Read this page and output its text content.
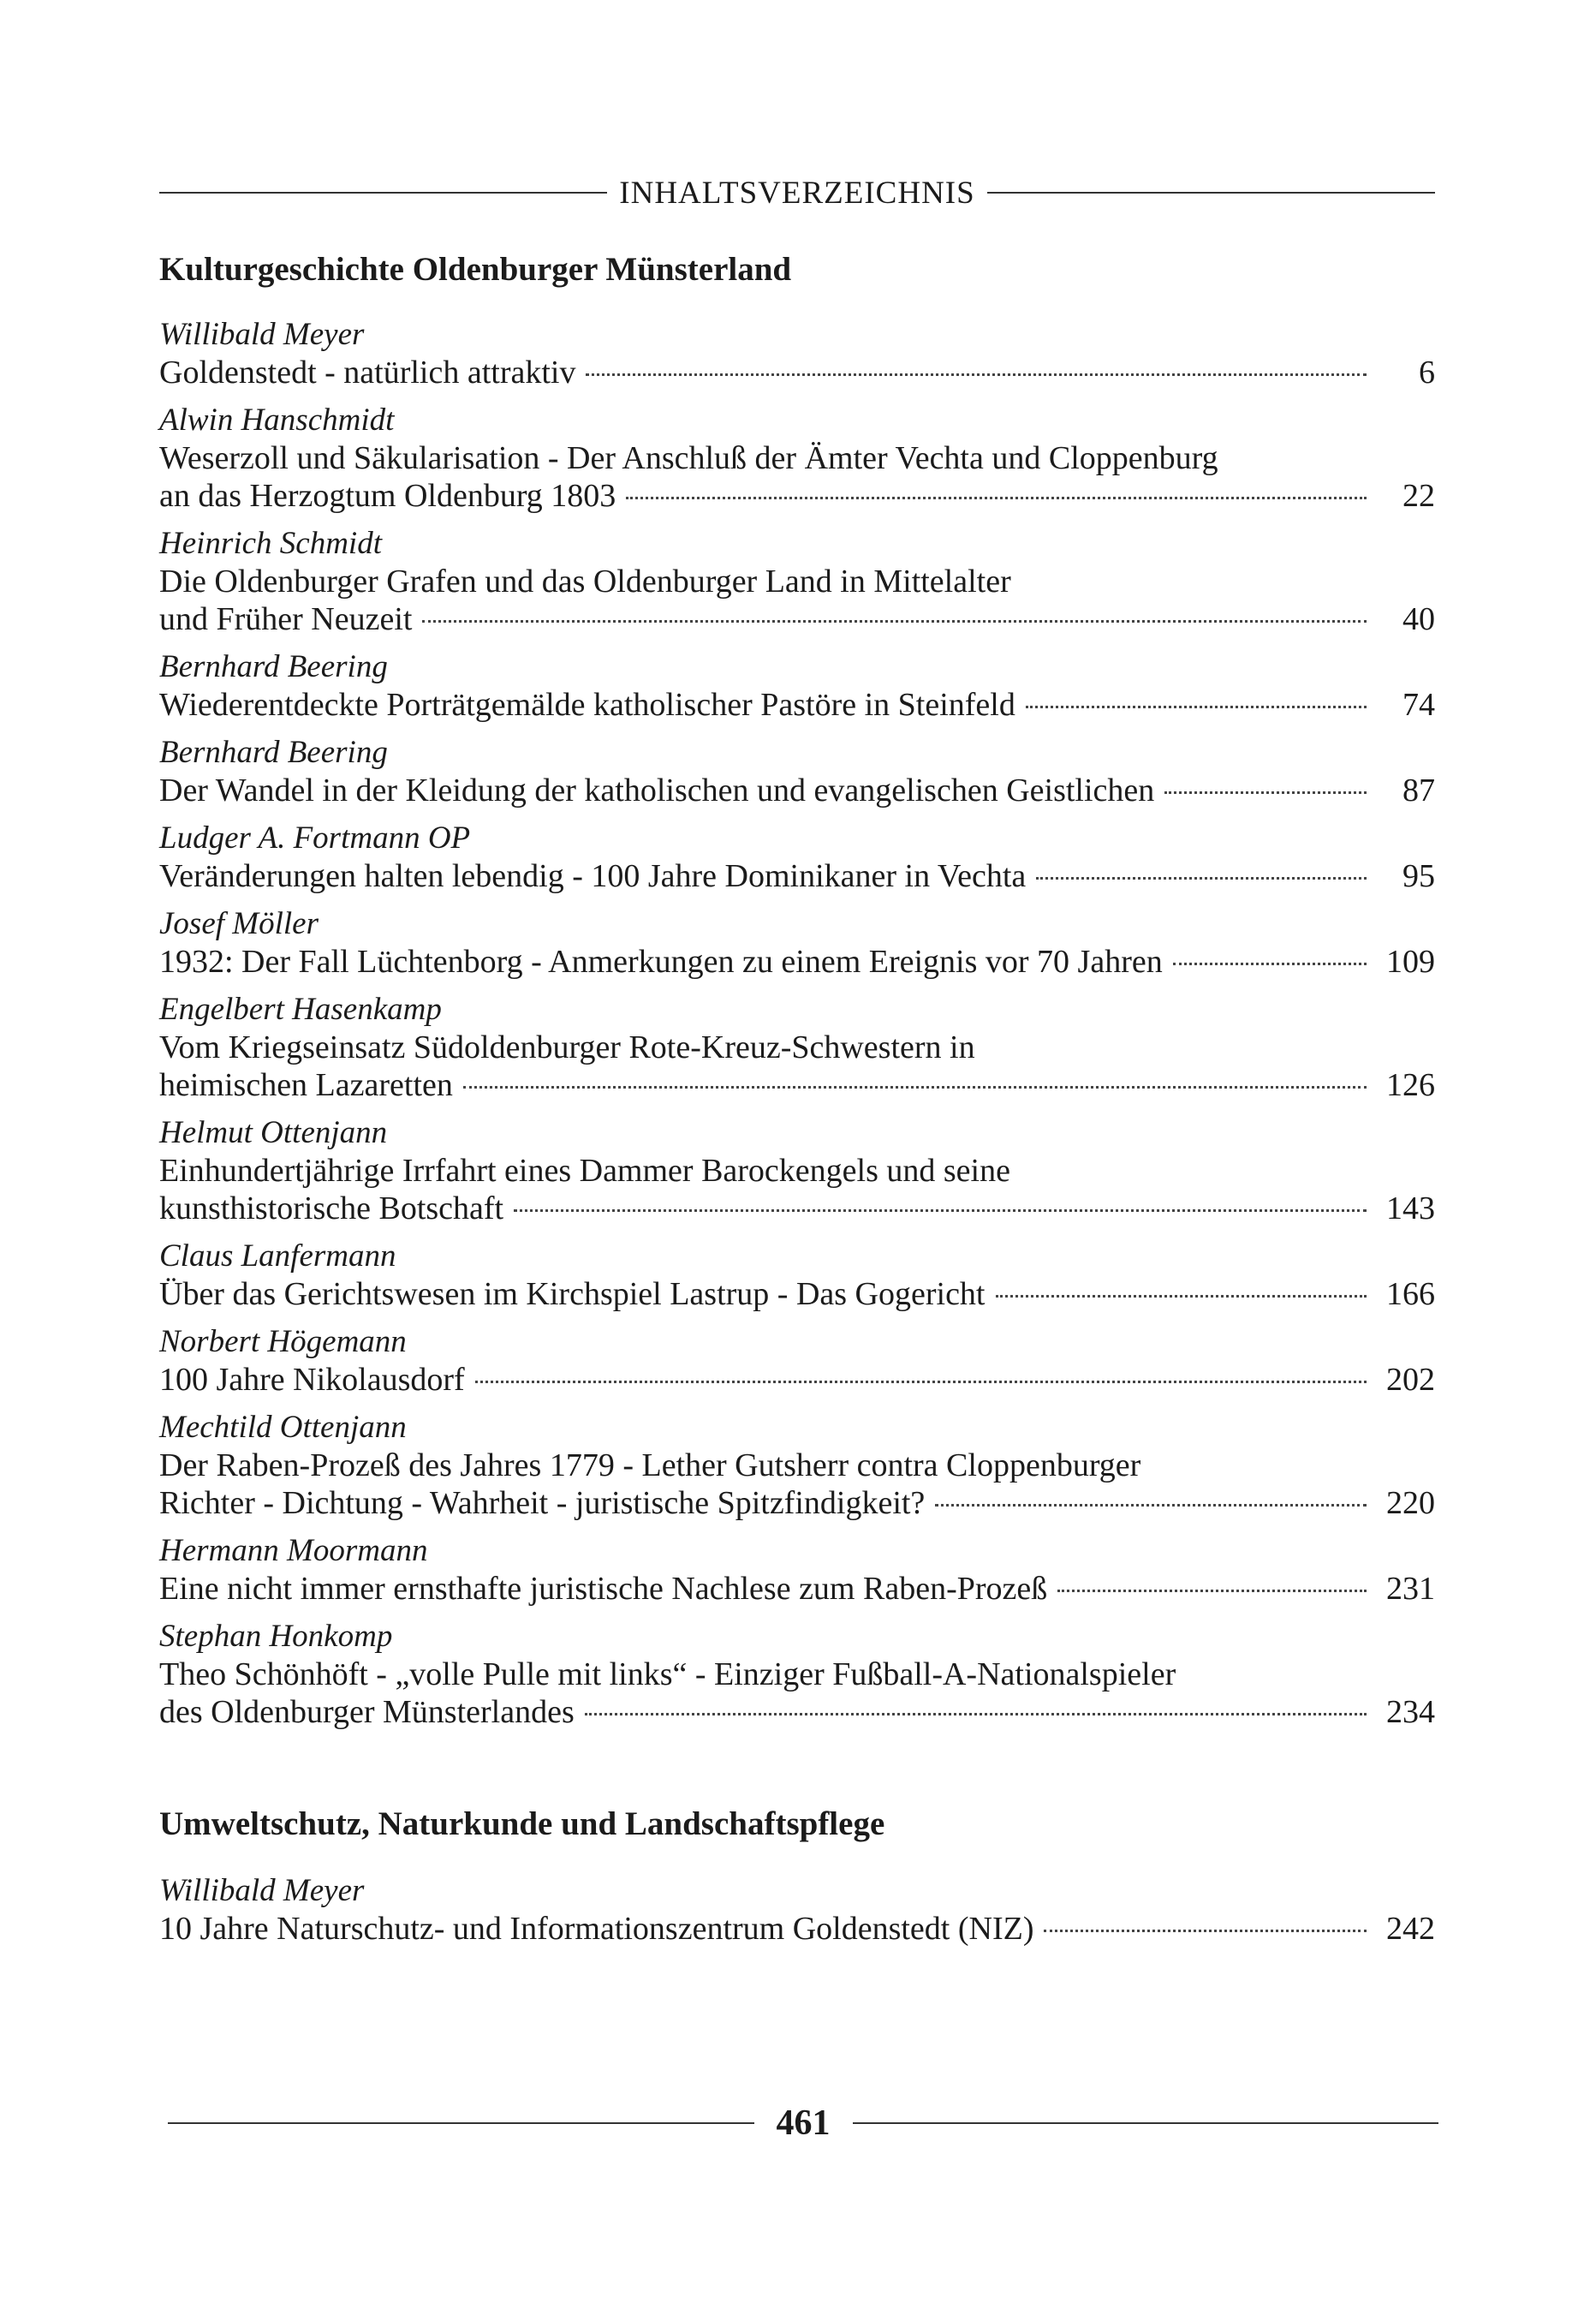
INHALTSVERZEICHNIS
Kulturgeschichte Oldenburger Münsterland
Willibald Meyer
Goldenstedt - natürlich attraktiv	6
Alwin Hanschmidt
Weserzoll und Säkularisation - Der Anschluß der Ämter Vechta und Cloppenburg
an das Herzogtum Oldenburg 1803	22
Heinrich Schmidt
Die Oldenburger Grafen und das Oldenburger Land in Mittelalter
und Früher Neuzeit	40
Bernhard Beering
Wiederentdeckte Porträtgemälde katholischer Pastöre in Steinfeld	74
Bernhard Beering
Der Wandel in der Kleidung der katholischen und evangelischen Geistlichen	87
Ludger A. Fortmann OP
Veränderungen halten lebendig - 100 Jahre Dominikaner in Vechta	95
Josef Möller
1932: Der Fall Lüchtenborg - Anmerkungen zu einem Ereignis vor 70 Jahren	109
Engelbert Hasenkamp
Vom Kriegseinsatz Südoldenburger Rote-Kreuz-Schwestern in
heimischen Lazaretten	126
Helmut Ottenjann
Einhundertjährige Irrfahrt eines Dammer Barockengels und seine
kunsthistorische Botschaft	143
Claus Lanfermann
Über das Gerichtswesen im Kirchspiel Lastrup - Das Gogericht	166
Norbert Högemann
100 Jahre Nikolausdorf	202
Mechtild Ottenjann
Der Raben-Prozeß des Jahres 1779 - Lether Gutsherr contra Cloppenburger
Richter - Dichtung - Wahrheit - juristische Spitzfindigkeit?	220
Hermann Moormann
Eine nicht immer ernsthafte juristische Nachlese zum Raben-Prozeß	231
Stephan Honkomp
Theo Schönhöft - „volle Pulle mit links“ - Einziger Fußball-A-Nationalspieler
des Oldenburger Münsterlandes	234
Umweltschutz, Naturkunde und Landschaftspflege
Willibald Meyer
10 Jahre Naturschutz- und Informationszentrum Goldenstedt (NIZ)	242
461
